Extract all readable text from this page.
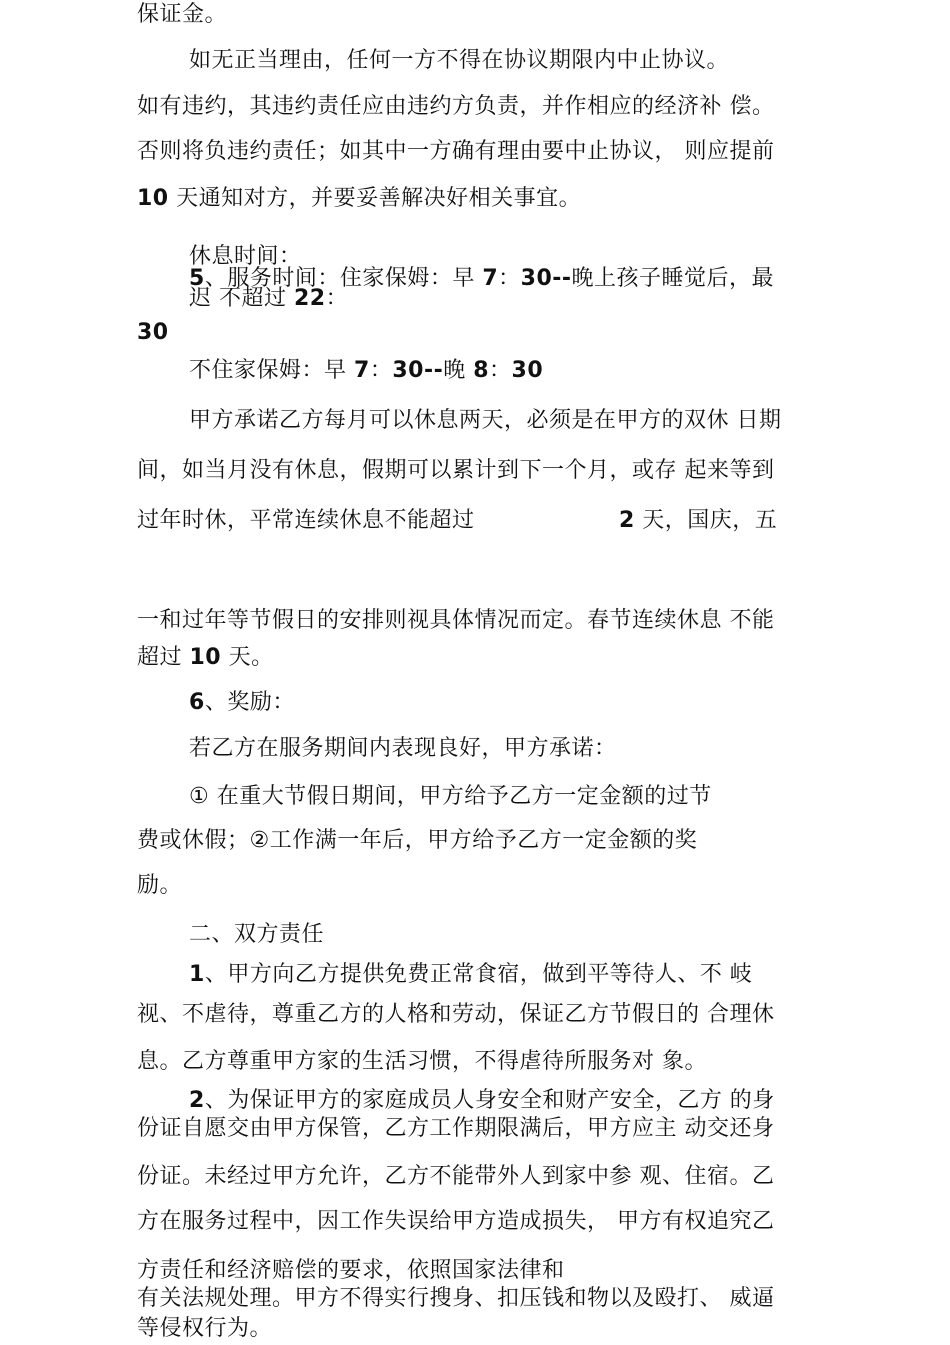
保证金。
如无正当理由，任何一方不得在协议期限内中止协议。
如有违约，其违约责任应由违约方负责，并作相应的经济补 偿。
否则将负违约责任；如其中一方确有理由要中止协议， 则应提前
10 天通知对方，并要妥善解决好相关事宜。
休息时间：
5、服务时间：住家保姆：早 7：30--晚上孩子睡觉后，最
迟 不超过 22：
30
不住家保姆：早 7：30--晚 8：30
甲方承诺乙方每月可以休息两天，必须是在甲方的双休 日期
间，如当月没有休息，假期可以累计到下一个月，或存 起来等到
过年时休，平常连续休息不能超过	2 天，国庆，五
一和过年等节假日的安排则视具体情况而定。春节连续休息 不能
超过 10 天。
6、奖励：
若乙方在服务期间内表现良好，甲方承诺：
① 在重大节假日期间，甲方给予乙方一定金额的过节
费或休假；②工作满一年后，甲方给予乙方一定金额的奖
励。
二、双方责任
1、甲方向乙方提供免费正常食宿，做到平等待人、不 岐
视、不虐待，尊重乙方的人格和劳动，保证乙方节假日的 合理休
息。乙方尊重甲方家的生活习惯，不得虐待所服务对 象。
2、为保证甲方的家庭成员人身安全和财产安全，乙方 的身
份证自愿交由甲方保管，乙方工作期限满后，甲方应主 动交还身
份证。未经过甲方允许，乙方不能带外人到家中参 观、住宿。乙
方在服务过程中，因工作失误给甲方造成损失， 甲方有权追究乙
方责任和经济赔偿的要求，依照国家法律和
有关法规处理。甲方不得实行搜身、扣压钱和物以及殴打、 威逼
等侵权行为。
